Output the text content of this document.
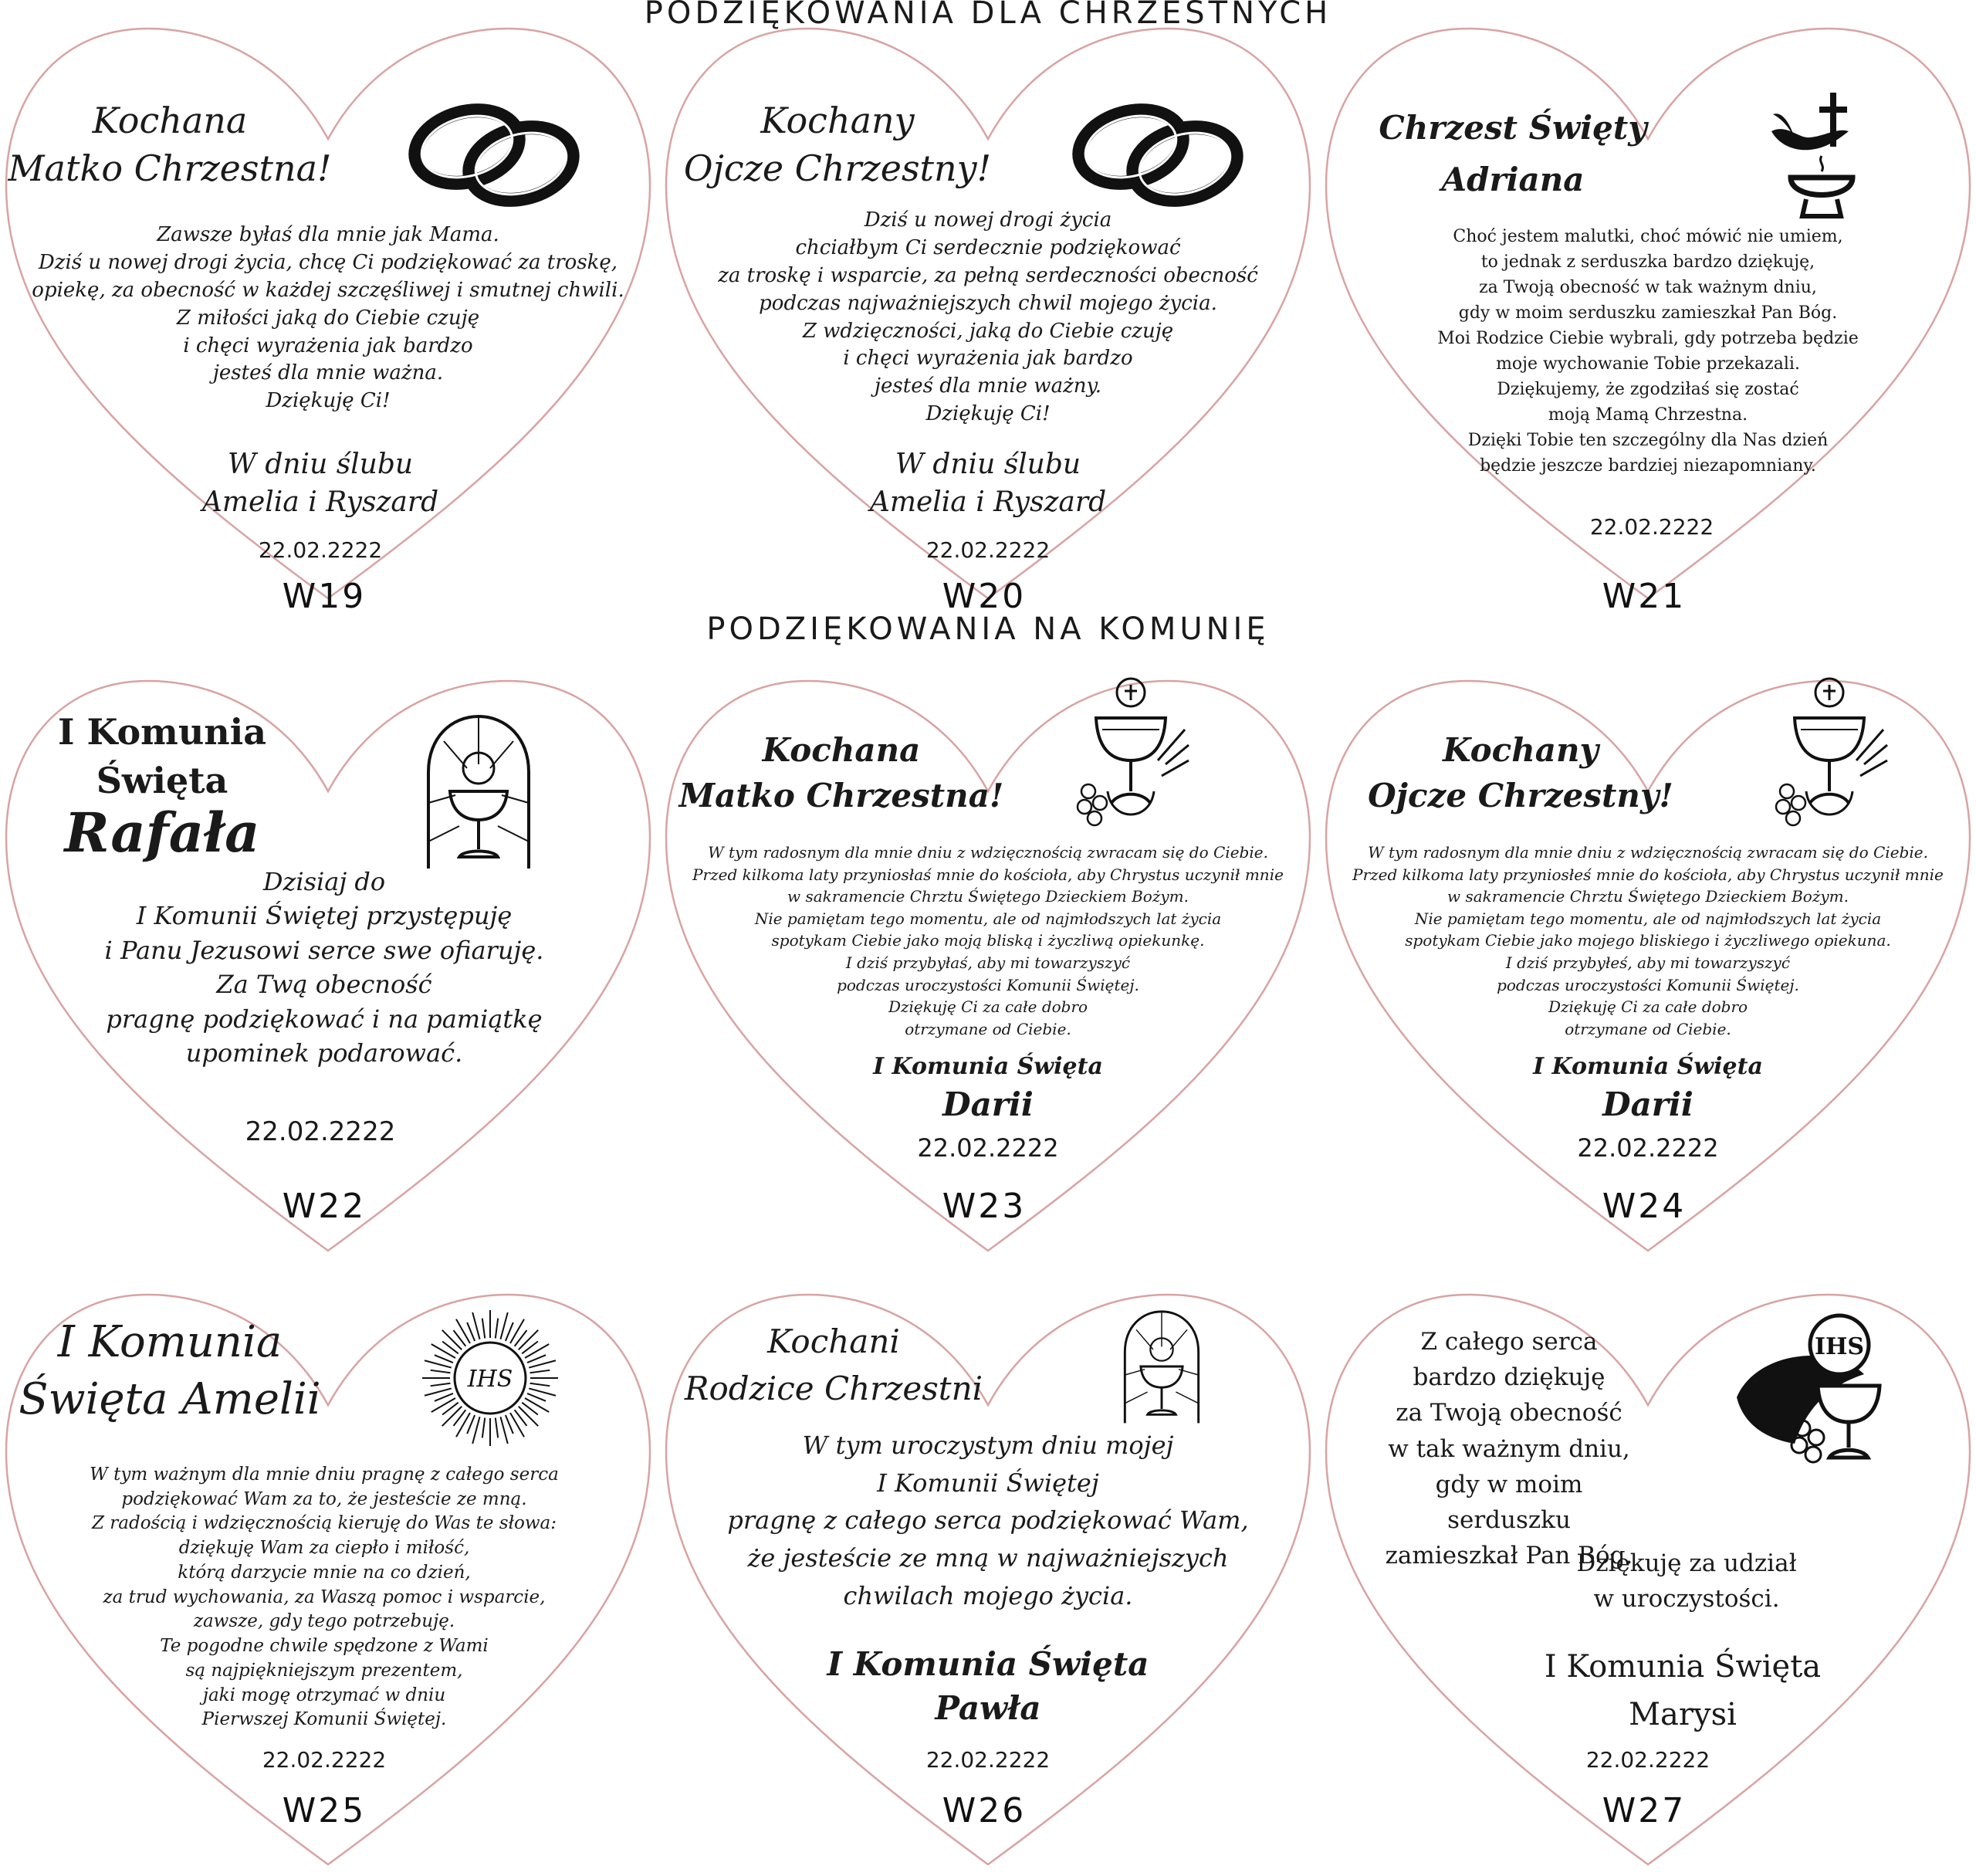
PODZIĘKOWANIA DLA CHRZESTNYCH
PODZIĘKOWANIA NA KOMUNIĘ
Kochana
Matko Chrzestna!
Zawsze byłaś dla mnie jak Mama.
Dziś u nowej drogi życia, chcę Ci podziękować za troskę,
opiekę, za obecność w każdej szczęśliwej i smutnej chwili.
Z miłości jaką do Ciebie czuję
i chęci wyrażenia jak bardzo
jesteś dla mnie ważna.
Dziękuję Ci!
W dniu ślubu
Amelia i Ryszard
22.02.2222
W19
Kochany
Ojcze Chrzestny!
Dziś u nowej drogi życia
chciałbym Ci serdecznie podziękować
za troskę i wsparcie, za pełną serdeczności obecność
podczas najważniejszych chwil mojego życia.
Z wdzięczności, jaką do Ciebie czuję
i chęci wyrażenia jak bardzo
jesteś dla mnie ważny.
Dziękuję Ci!
W dniu ślubu
Amelia i Ryszard
22.02.2222
W20
Chrzest Święty
Adriana
Choć jestem malutki, choć mówić nie umiem,
to jednak z serduszka bardzo dziękuję,
za Twoją obecność w tak ważnym dniu,
gdy w moim serduszku zamieszkał Pan Bóg.
Moi Rodzice Ciebie wybrali, gdy potrzeba będzie
moje wychowanie Tobie przekazali.
Dziękujemy, że zgodziłaś się zostać
moją Mamą Chrzestna.
Dzięki Tobie ten szczególny dla Nas dzień
będzie jeszcze bardziej niezapomniany.
22.02.2222
W21
I Komunia
Święta
Rafała
Dzisiaj do
I Komunii Świętej przystępuję
i Panu Jezusowi serce swe ofiaruję.
Za Twą obecność
pragnę podziękować i na pamiątkę
upominek podarować.
22.02.2222
W22
Kochana
Matko Chrzestna!
W tym radosnym dla mnie dniu z wdzięcznością zwracam się do Ciebie.
Przed kilkoma laty przyniosłaś mnie do kościoła, aby Chrystus uczynił mnie
w sakramencie Chrztu Świętego Dzieckiem Bożym.
Nie pamiętam tego momentu, ale od najmłodszych lat życia
spotykam Ciebie jako moją bliską i życzliwą opiekunkę.
I dziś przybyłaś, aby mi towarzyszyć
podczas uroczystości Komunii Świętej.
Dziękuję Ci za całe dobro
otrzymane od Ciebie.
I Komunia Święta
Darii
22.02.2222
W23
Kochany
Ojcze Chrzestny!
W tym radosnym dla mnie dniu z wdzięcznością zwracam się do Ciebie.
Przed kilkoma laty przyniosłeś mnie do kościoła, aby Chrystus uczynił mnie
w sakramencie Chrztu Świętego Dzieckiem Bożym.
Nie pamiętam tego momentu, ale od najmłodszych lat życia
spotykam Ciebie jako mojego bliskiego i życzliwego opiekuna.
I dziś przybyłeś, aby mi towarzyszyć
podczas uroczystości Komunii Świętej.
Dziękuję Ci za całe dobro
otrzymane od Ciebie.
I Komunia Święta
Darii
22.02.2222
W24
I Komunia
Święta Amelii	IHS
W tym ważnym dla mnie dniu pragnę z całego serca
podziękować Wam za to, że jesteście ze mną.
Z radością i wdzięcznością kieruję do Was te słowa:
dziękuję Wam za ciepło i miłość,
którą darzycie mnie na co dzień,
za trud wychowania, za Waszą pomoc i wsparcie,
zawsze, gdy tego potrzebuję.
Te pogodne chwile spędzone z Wami
są najpiękniejszym prezentem,
jaki mogę otrzymać w dniu
Pierwszej Komunii Świętej.
22.02.2222
W25
Kochani
Rodzice Chrzestni
W tym uroczystym dniu mojej
I Komunii Świętej
pragnę z całego serca podziękować Wam,
że jesteście ze mną w najważniejszych
chwilach mojego życia.
I Komunia Święta
Pawła
22.02.2222
W26
Z całego serca
bardzo dziękuję
za Twoją obecność
w tak ważnym dniu,
gdy w moim serduszku
zamieszkał Pan Bóg.
IHS
Dziękuję za udział
w uroczystości.
I Komunia Święta
Marysi
22.02.2222
W27
